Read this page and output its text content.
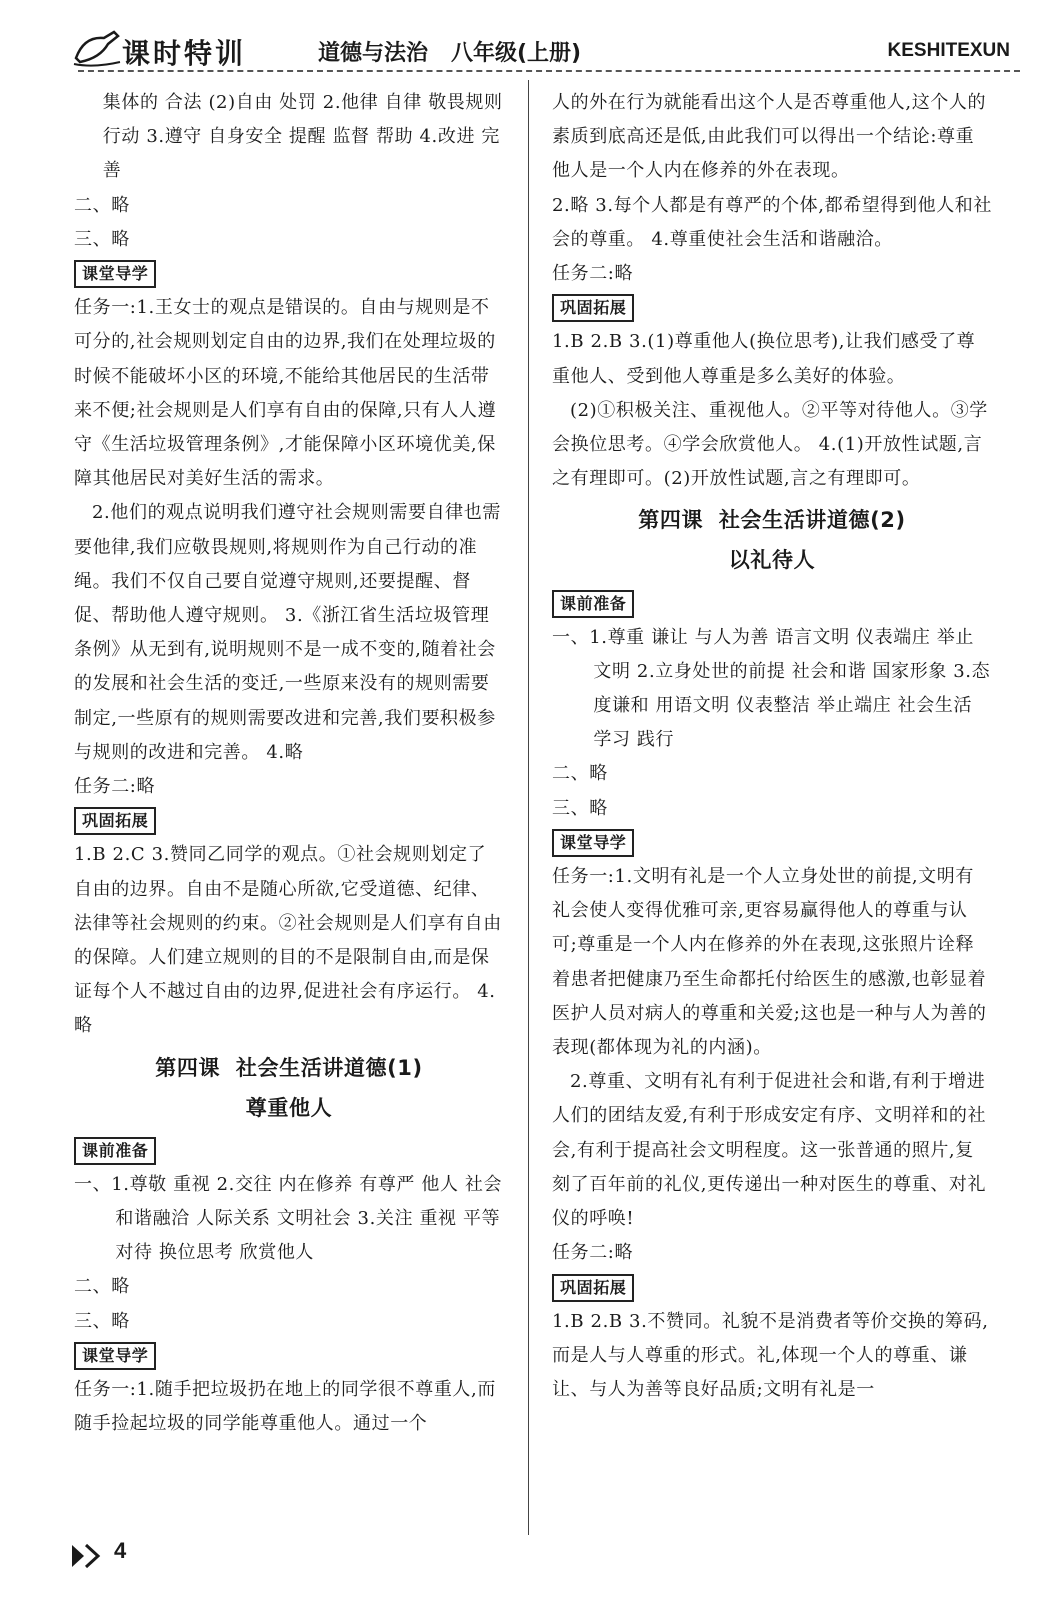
课时特训	道德与法治   八年级(上册)	KESHITEXUN

集体的 合法 (2)自由 处罚 2.他律 自律 敬畏规则 行动 3.遵守 自身安全 提醒 监督 帮助 4.改进 完善

二、略

三、略

课堂导学

任务一:1.王女士的观点是错误的。自由与规则是不可分的,社会规则划定自由的边界,我们在处理垃圾的时候不能破坏小区的环境,不能给其他居民的生活带来不便;社会规则是人们享有自由的保障,只有人人遵守《生活垃圾管理条例》,才能保障小区环境优美,保障其他居民对美好生活的需求。

2.他们的观点说明我们遵守社会规则需要自律也需要他律,我们应敬畏规则,将规则作为自己行动的准绳。我们不仅自己要自觉遵守规则,还要提醒、督促、帮助他人遵守规则。 3.《浙江省生活垃圾管理条例》从无到有,说明规则不是一成不变的,随着社会的发展和社会生活的变迁,一些原来没有的规则需要制定,一些原有的规则需要改进和完善,我们要积极参与规则的改进和完善。 4.略

任务二:略

巩固拓展

1.B 2.C 3.赞同乙同学的观点。①社会规则划定了自由的边界。自由不是随心所欲,它受道德、纪律、法律等社会规则的约束。②社会规则是人们享有自由的保障。人们建立规则的目的不是限制自由,而是保证每个人不越过自由的边界,促进社会有序运行。 4.略

第四课  社会生活讲道德(1)
尊重他人
课前准备

一、1.尊敬 重视 2.交往 内在修养 有尊严 他人 社会 和谐融洽 人际关系 文明社会 3.关注 重视 平等对待 换位思考 欣赏他人

二、略

三、略

课堂导学

任务一:1.随手把垃圾扔在地上的同学很不尊重人,而随手捡起垃圾的同学能尊重他人。通过一个

人的外在行为就能看出这个人是否尊重他人,这个人的素质到底高还是低,由此我们可以得出一个结论:尊重他人是一个人内在修养的外在表现。

2.略 3.每个人都是有尊严的个体,都希望得到他人和社会的尊重。 4.尊重使社会生活和谐融洽。

任务二:略

巩固拓展

1.B 2.B 3.(1)尊重他人(换位思考),让我们感受了尊重他人、受到他人尊重是多么美好的体验。

(2)①积极关注、重视他人。②平等对待他人。③学会换位思考。④学会欣赏他人。 4.(1)开放性试题,言之有理即可。(2)开放性试题,言之有理即可。

第四课  社会生活讲道德(2)
以礼待人
课前准备

一、1.尊重 谦让 与人为善 语言文明 仪表端庄 举止文明 2.立身处世的前提 社会和谐 国家形象 3.态度谦和 用语文明 仪表整洁 举止端庄 社会生活 学习 践行

二、略

三、略

课堂导学

任务一:1.文明有礼是一个人立身处世的前提,文明有礼会使人变得优雅可亲,更容易赢得他人的尊重与认可;尊重是一个人内在修养的外在表现,这张照片诠释着患者把健康乃至生命都托付给医生的感激,也彰显着医护人员对病人的尊重和关爱;这也是一种与人为善的表现(都体现为礼的内涵)。

2.尊重、文明有礼有利于促进社会和谐,有利于增进人们的团结友爱,有利于形成安定有序、文明祥和的社会,有利于提高社会文明程度。这一张普通的照片,复刻了百年前的礼仪,更传递出一种对医生的尊重、对礼仪的呼唤!

任务二:略

巩固拓展

1.B 2.B 3.不赞同。礼貌不是消费者等价交换的筹码,而是人与人尊重的形式。礼,体现一个人的尊重、谦让、与人为善等良好品质;文明有礼是一

4
